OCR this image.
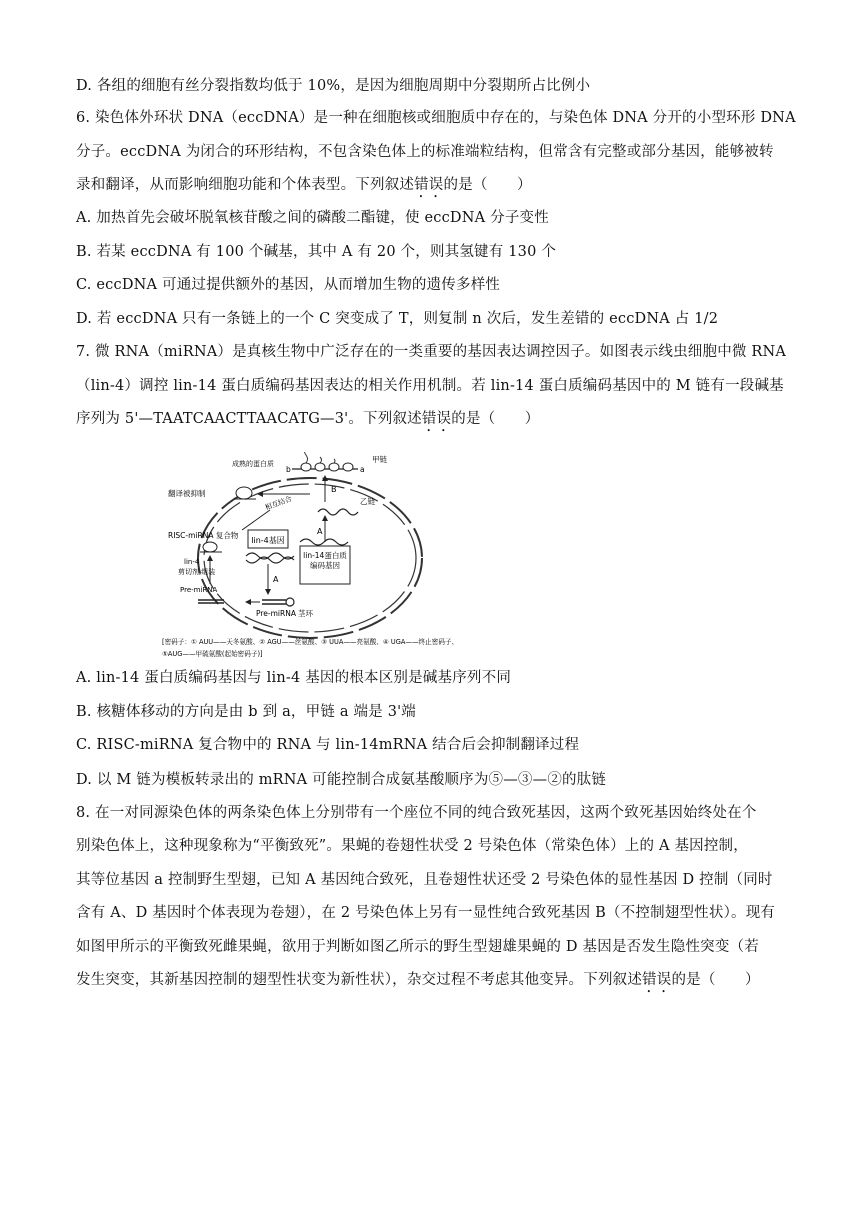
D. 各组的细胞有丝分裂指数均低于 10%，是因为细胞周期中分裂期所占比例小
6. 染色体外环状 DNA（eccDNA）是一种在细胞核或细胞质中存在的，与染色体 DNA 分开的小型环形 DNA
分子。eccDNA 为闭合的环形结构，不包含染色体上的标准端粒结构，但常含有完整或部分基因，能够被转
录和翻译，从而影响细胞功能和个体表型。下列叙述错误的是（　　）
A. 加热首先会破坏脱氧核苷酸之间的磷酸二酯键，使 eccDNA 分子变性
B. 若某 eccDNA 有 100 个碱基，其中 A 有 20 个，则其氢键有 130 个
C. eccDNA 可通过提供额外的基因，从而增加生物的遗传多样性
D. 若 eccDNA 只有一条链上的一个 C 突变成了 T，则复制 n 次后，发生差错的 eccDNA 占 1/2
7. 微 RNA（miRNA）是真核生物中广泛存在的一类重要的基因表达调控因子。如图表示线虫细胞中微 RNA
（lin-4）调控 lin-14 蛋白质编码基因表达的相关作用机制。若 lin-14 蛋白质编码基因中的 M 链有一段碱基
序列为 5'—TAATCAACTTAACATG—3'。下列叙述错误的是（　　）
lin-4基因
lin-14蛋白质
编码基因
A
A
乙链
B
b	a
甲链
成熟的蛋白质
翻译被抑制
相互结合
RISC-miRNA 复合物
lin-4
剪切剂,组装
Pre-miRNA
Pre-miRNA 茎环
[密码子：① AUU——天冬氨酸、② AGU——丝氨酸、③ UUA——亮氨酸、④ UGA——终止密码子、
⑤AUG——甲硫氨酸(起始密码子)]
A. lin-14 蛋白质编码基因与 lin-4 基因的根本区别是碱基序列不同
B. 核糖体移动的方向是由 b 到 a，甲链 a 端是 3'端
C. RISC-miRNA 复合物中的 RNA 与 lin-14mRNA 结合后会抑制翻译过程
D. 以 M 链为模板转录出的 mRNA 可能控制合成氨基酸顺序为⑤—③—②的肽链
8. 在一对同源染色体的两条染色体上分别带有一个座位不同的纯合致死基因，这两个致死基因始终处在个
别染色体上，这种现象称为“平衡致死”。果蝇的卷翅性状受 2 号染色体（常染色体）上的 A 基因控制，
其等位基因 a 控制野生型翅，已知 A 基因纯合致死，且卷翅性状还受 2 号染色体的显性基因 D 控制（同时
含有 A、D 基因时个体表现为卷翅），在 2 号染色体上另有一显性纯合致死基因 B（不控制翅型性状）。现有
如图甲所示的平衡致死雌果蝇，欲用于判断如图乙所示的野生型翅雄果蝇的 D 基因是否发生隐性突变（若
发生突变，其新基因控制的翅型性状变为新性状），杂交过程不考虑其他变异。下列叙述错误的是（　　）
